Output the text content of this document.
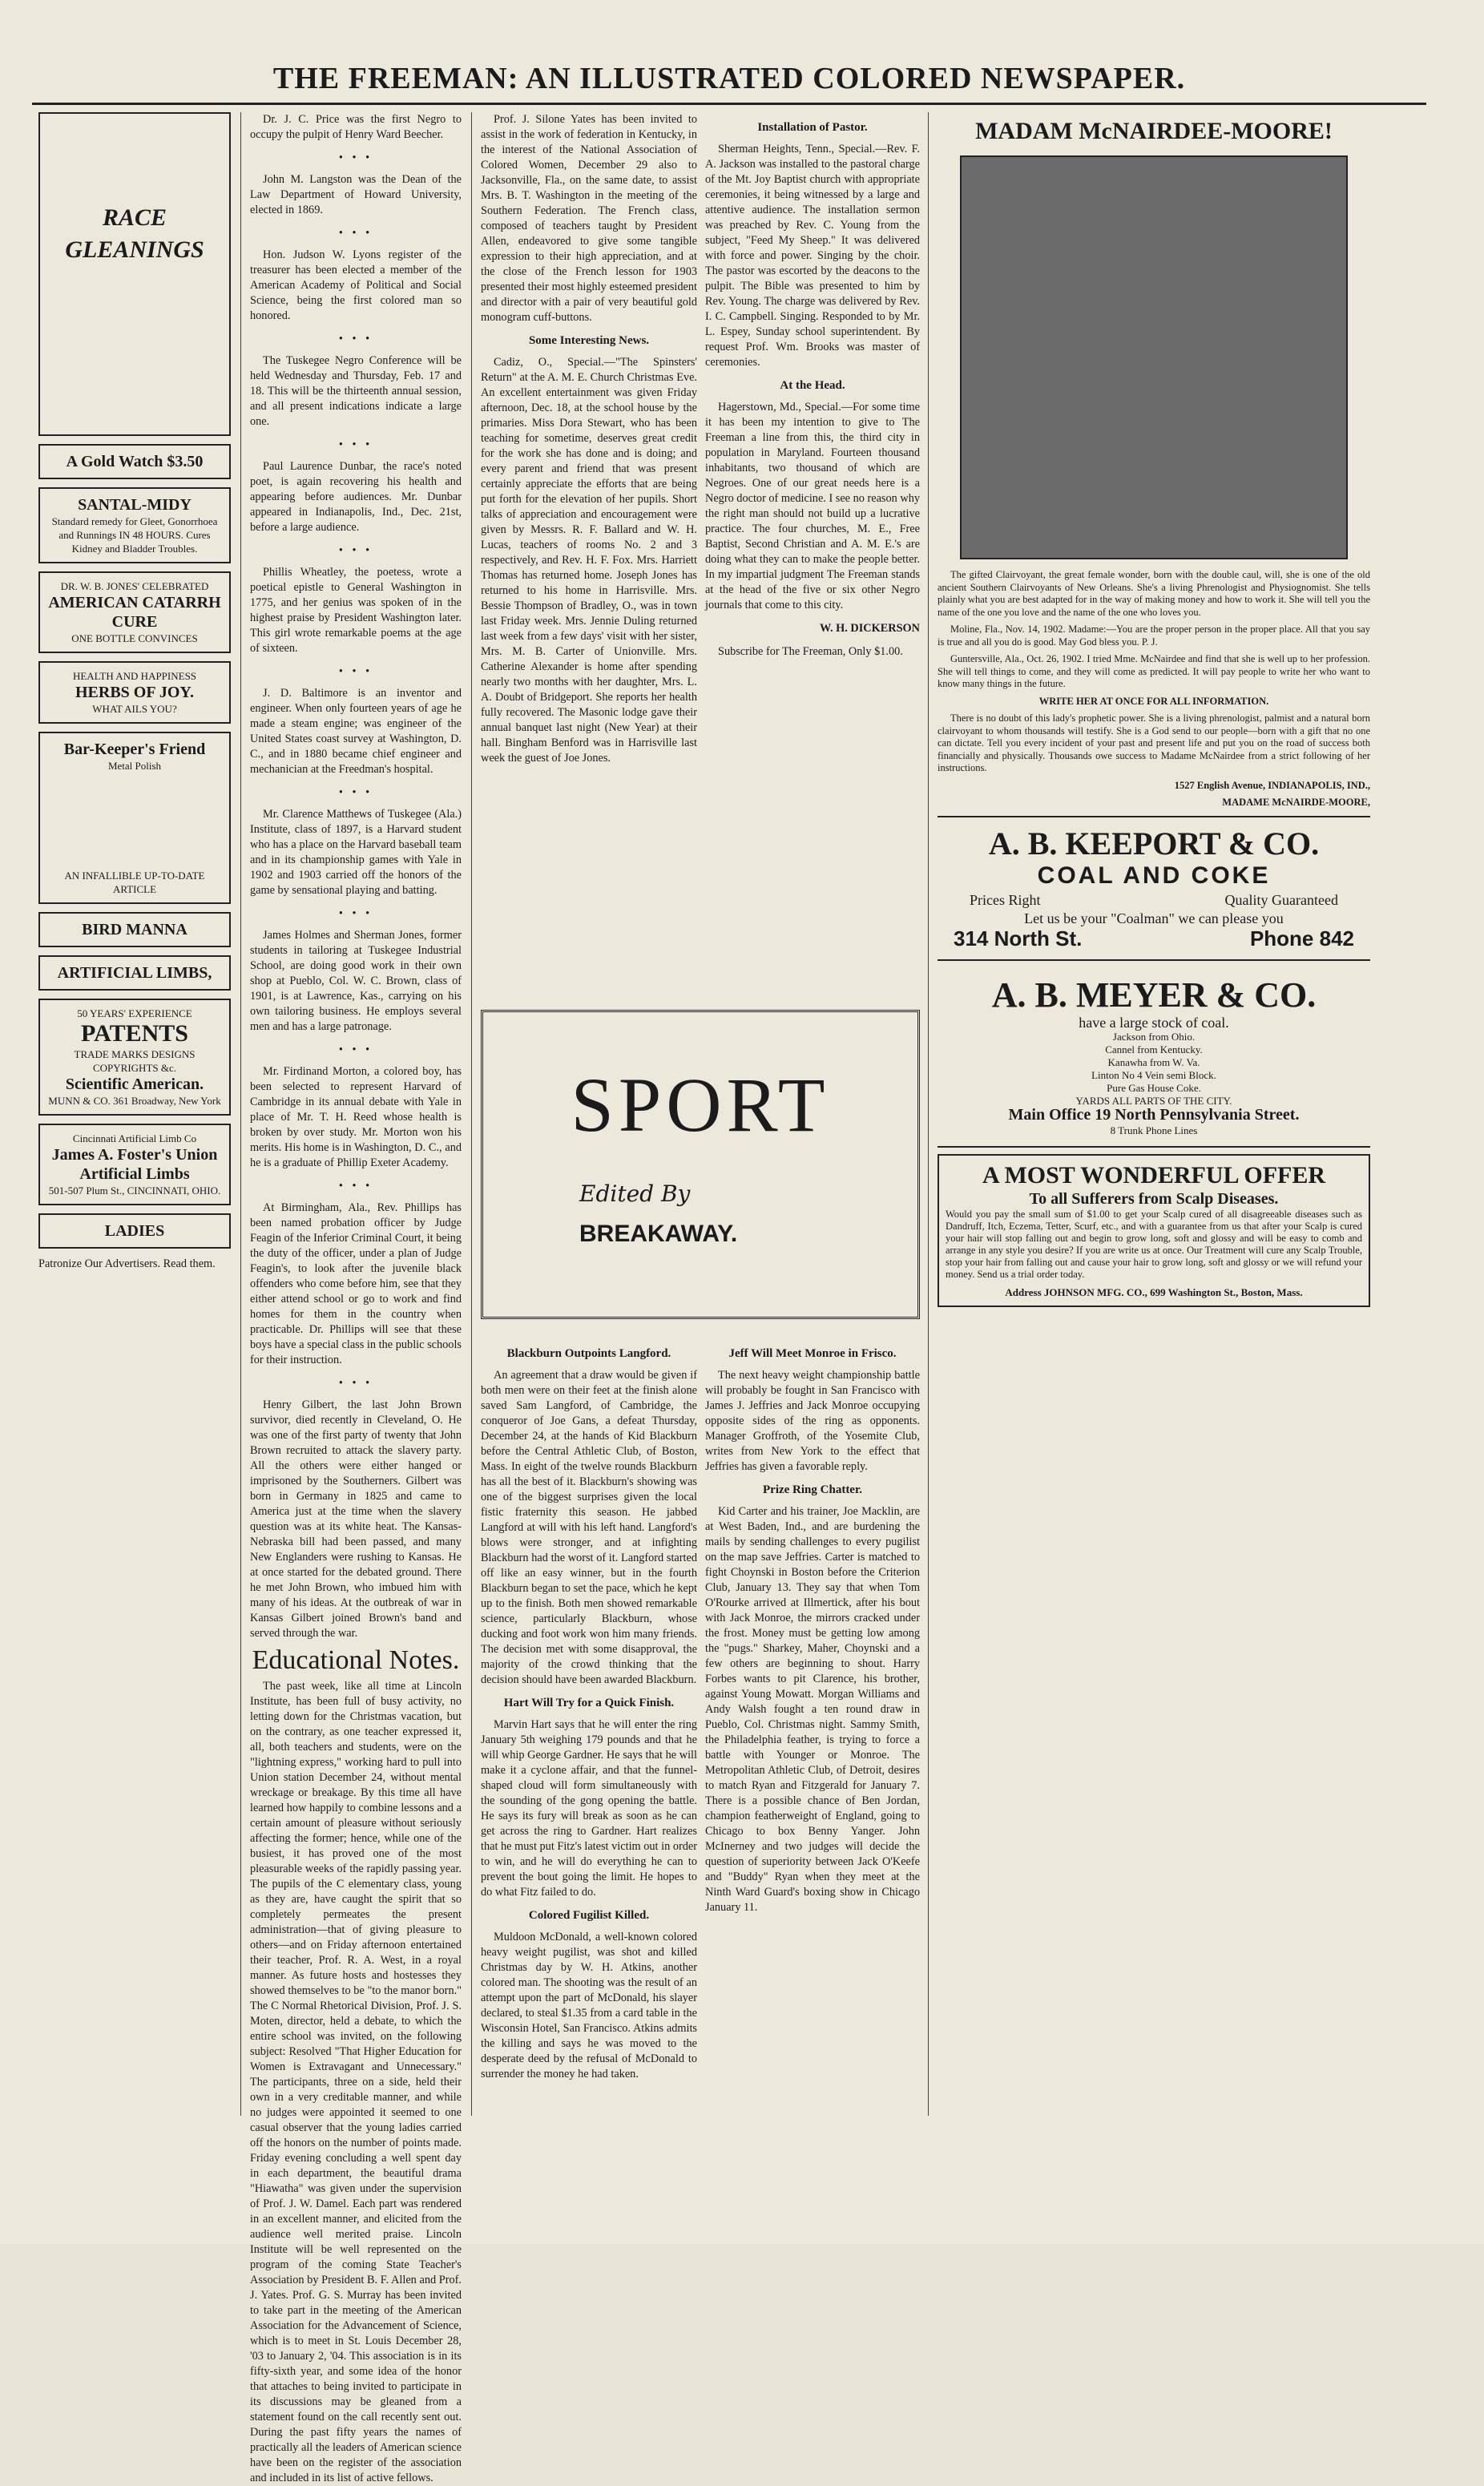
THE FREEMAN: AN ILLUSTRATED COLORED NEWSPAPER.
RACE GLEANINGS
A Gold Watch $3.50
SANTAL-MIDY
Standard remedy for Gleet, Gonorrhoea and Runnings IN 48 HOURS. Cures Kidney and Bladder Troubles.
DR. W. B. JONES' CELEBRATED
AMERICAN CATARRH CURE
ONE BOTTLE CONVINCES
HEALTH AND HAPPINESS
HERBS OF JOY.
WHAT AILS YOU?
Bar-Keeper's Friend
Metal Polish
AN INFALLIBLE UP-TO-DATE ARTICLE
BIRD MANNA
ARTIFICIAL LIMBS,
50 YEARS' EXPERIENCE
PATENTS
TRADE MARKS DESIGNS COPYRIGHTS &c.
Scientific American.
MUNN & CO. 361 Broadway, New York
Cincinnati Artificial Limb Co
James A. Foster's Union Artificial Limbs
501-507 Plum St., CINCINNATI, OHIO.
LADIES
Patronize Our Advertisers. Read them.

Dr. J. C. Price was the first Negro to occupy the pulpit of Henry Ward Beecher.

• • •

John M. Langston was the Dean of the Law Department of Howard University, elected in 1869.

• • •

Hon. Judson W. Lyons register of the treasurer has been elected a member of the American Academy of Political and Social Science, being the first colored man so honored.

• • •

The Tuskegee Negro Conference will be held Wednesday and Thursday, Feb. 17 and 18. This will be the thirteenth annual session, and all present indications indicate a large one.

• • •

Paul Laurence Dunbar, the race's noted poet, is again recovering his health and appearing before audiences. Mr. Dunbar appeared in Indianapolis, Ind., Dec. 21st, before a large audience.

• • •

Phillis Wheatley, the poetess, wrote a poetical epistle to General Washington in 1775, and her genius was spoken of in the highest praise by President Washington later. This girl wrote remarkable poems at the age of sixteen.

• • •

J. D. Baltimore is an inventor and engineer. When only fourteen years of age he made a steam engine; was engineer of the United States coast survey at Washington, D. C., and in 1880 became chief engineer and mechanician at the Freedman's hospital.

• • •

Mr. Clarence Matthews of Tuskegee (Ala.) Institute, class of 1897, is a Harvard student who has a place on the Harvard baseball team and in its championship games with Yale in 1902 and 1903 carried off the honors of the game by sensational playing and batting.

• • •

James Holmes and Sherman Jones, former students in tailoring at Tuskegee Industrial School, are doing good work in their own shop at Pueblo, Col. W. C. Brown, class of 1901, is at Lawrence, Kas., carrying on his own tailoring business. He employs several men and has a large patronage.

• • •

Mr. Firdinand Morton, a colored boy, has been selected to represent Harvard of Cambridge in its annual debate with Yale in place of Mr. T. H. Reed whose health is broken by over study. Mr. Morton won his merits. His home is in Washington, D. C., and he is a graduate of Phillip Exeter Academy.

• • •

At Birmingham, Ala., Rev. Phillips has been named probation officer by Judge Feagin of the Inferior Criminal Court, it being the duty of the officer, under a plan of Judge Feagin's, to look after the juvenile black offenders who come before him, see that they either attend school or go to work and find homes for them in the country when practicable. Dr. Phillips will see that these boys have a special class in the public schools for their instruction.

• • •

Henry Gilbert, the last John Brown survivor, died recently in Cleveland, O. He was one of the first party of twenty that John Brown recruited to attack the slavery party. All the others were either hanged or imprisoned by the Southerners. Gilbert was born in Germany in 1825 and came to America just at the time when the slavery question was at its white heat. The Kansas-Nebraska bill had been passed, and many New Englanders were rushing to Kansas. He at once started for the debated ground. There he met John Brown, who imbued him with many of his ideas. At the outbreak of war in Kansas Gilbert joined Brown's band and served through the war.

Educational Notes.

The past week, like all time at Lincoln Institute, has been full of busy activity, no letting down for the Christmas vacation, but on the contrary, as one teacher expressed it, all, both teachers and students, were on the "lightning express," working hard to pull into Union station December 24, without mental wreckage or breakage. By this time all have learned how happily to combine lessons and a certain amount of pleasure without seriously affecting the former; hence, while one of the busiest, it has proved one of the most pleasurable weeks of the rapidly passing year. The pupils of the C elementary class, young as they are, have caught the spirit that so completely permeates the present administration—that of giving pleasure to others—and on Friday afternoon entertained their teacher, Prof. R. A. West, in a royal manner. As future hosts and hostesses they showed themselves to be "to the manor born." The C Normal Rhetorical Division, Prof. J. S. Moten, director, held a debate, to which the entire school was invited, on the following subject: Resolved "That Higher Education for Women is Extravagant and Unnecessary." The participants, three on a side, held their own in a very creditable manner, and while no judges were appointed it seemed to one casual observer that the young ladies carried off the honors on the number of points made. Friday evening concluding a well spent day in each department, the beautiful drama "Hiawatha" was given under the supervision of Prof. J. W. Damel. Each part was rendered in an excellent manner, and elicited from the audience well merited praise. Lincoln Institute will be well represented on the program of the coming State Teacher's Association by President B. F. Allen and Prof. J. Yates. Prof. G. S. Murray has been invited to take part in the meeting of the American Association for the Advancement of Science, which is to meet in St. Louis December 28, '03 to January 2, '04. This association is in its fifty-sixth year, and some idea of the honor that attaches to being invited to participate in its discussions may be gleaned from a statement found on the call recently sent out. During the past fifty years the names of practically all the leaders of American science have been on the register of the association and included in its list of active fellows.

Prof. J. Silone Yates has been invited to assist in the work of federation in Kentucky, in the interest of the National Association of Colored Women, December 29 also to Jacksonville, Fla., on the same date, to assist Mrs. B. T. Washington in the meeting of the Southern Federation. The French class, composed of teachers taught by President Allen, endeavored to give some tangible expression to their high appreciation, and at the close of the French lesson for 1903 presented their most highly esteemed president and director with a pair of very beautiful gold monogram cuff-buttons.

Some Interesting News.

Cadiz, O., Special.—"The Spinsters' Return" at the A. M. E. Church Christmas Eve. An excellent entertainment was given Friday afternoon, Dec. 18, at the school house by the primaries. Miss Dora Stewart, who has been teaching for sometime, deserves great credit for the work she has done and is doing; and every parent and friend that was present certainly appreciate the efforts that are being put forth for the elevation of her pupils. Short talks of appreciation and encouragement were given by Messrs. R. F. Ballard and W. H. Lucas, teachers of rooms No. 2 and 3 respectively, and Rev. H. F. Fox. Mrs. Harriett Thomas has returned home. Joseph Jones has returned to his home in Harrisville. Mrs. Bessie Thompson of Bradley, O., was in town last Friday week. Mrs. Jennie Duling returned last week from a few days' visit with her sister, Mrs. M. B. Carter of Unionville. Mrs. Catherine Alexander is home after spending nearly two months with her daughter, Mrs. L. A. Doubt of Bridgeport. She reports her health fully recovered. The Masonic lodge gave their annual banquet last night (New Year) at their hall. Bingham Benford was in Harrisville last week the guest of Joe Jones.

Installation of Pastor.

Sherman Heights, Tenn., Special.—Rev. F. A. Jackson was installed to the pastoral charge of the Mt. Joy Baptist church with appropriate ceremonies, it being witnessed by a large and attentive audience. The installation sermon was preached by Rev. C. Young from the subject, "Feed My Sheep." It was delivered with force and power. Singing by the choir. The pastor was escorted by the deacons to the pulpit. The Bible was presented to him by Rev. Young. The charge was delivered by Rev. I. C. Campbell. Singing. Responded to by Mr. L. Espey, Sunday school superintendent. By request Prof. Wm. Brooks was master of ceremonies.

At the Head.

Hagerstown, Md., Special.—For some time it has been my intention to give to The Freeman a line from this, the third city in population in Maryland. Fourteen thousand inhabitants, two thousand of which are Negroes. One of our great needs here is a Negro doctor of medicine. I see no reason why the right man should not build up a lucrative practice. The four churches, M. E., Free Baptist, Second Christian and A. M. E.'s are doing what they can to make the people better. In my impartial judgment The Freeman stands at the head of the five or six other Negro journals that come to this city.

W. H. DICKERSON

Subscribe for The Freeman, Only $1.00.

SPORT
Edited By
BREAKAWAY.
Blackburn Outpoints Langford.

An agreement that a draw would be given if both men were on their feet at the finish alone saved Sam Langford, of Cambridge, the conqueror of Joe Gans, a defeat Thursday, December 24, at the hands of Kid Blackburn before the Central Athletic Club, of Boston, Mass. In eight of the twelve rounds Blackburn has all the best of it. Blackburn's showing was one of the biggest surprises given the local fistic fraternity this season. He jabbed Langford at will with his left hand. Langford's blows were stronger, and at infighting Blackburn had the worst of it. Langford started off like an easy winner, but in the fourth Blackburn began to set the pace, which he kept up to the finish. Both men showed remarkable science, particularly Blackburn, whose ducking and foot work won him many friends. The decision met with some disapproval, the majority of the crowd thinking that the decision should have been awarded Blackburn.

Hart Will Try for a Quick Finish.

Marvin Hart says that he will enter the ring January 5th weighing 179 pounds and that he will whip George Gardner. He says that he will make it a cyclone affair, and that the funnel-shaped cloud will form simultaneously with the sounding of the gong opening the battle. He says its fury will break as soon as he can get across the ring to Gardner. Hart realizes that he must put Fitz's latest victim out in order to win, and he will do everything he can to prevent the bout going the limit. He hopes to do what Fitz failed to do.

Colored Fugilist Killed.

Muldoon McDonald, a well-known colored heavy weight pugilist, was shot and killed Christmas day by W. H. Atkins, another colored man. The shooting was the result of an attempt upon the part of McDonald, his slayer declared, to steal $1.35 from a card table in the Wisconsin Hotel, San Francisco. Atkins admits the killing and says he was moved to the desperate deed by the refusal of McDonald to surrender the money he had taken.

Jeff Will Meet Monroe in Frisco.

The next heavy weight championship battle will probably be fought in San Francisco with James J. Jeffries and Jack Monroe occupying opposite sides of the ring as opponents. Manager Groffroth, of the Yosemite Club, writes from New York to the effect that Jeffries has given a favorable reply.

Prize Ring Chatter.

Kid Carter and his trainer, Joe Macklin, are at West Baden, Ind., and are burdening the mails by sending challenges to every pugilist on the map save Jeffries. Carter is matched to fight Choynski in Boston before the Criterion Club, January 13. They say that when Tom O'Rourke arrived at Illmertick, after his bout with Jack Monroe, the mirrors cracked under the frost. Money must be getting low among the "pugs." Sharkey, Maher, Choynski and a few others are beginning to shout. Harry Forbes wants to pit Clarence, his brother, against Young Mowatt. Morgan Williams and Andy Walsh fought a ten round draw in Pueblo, Col. Christmas night. Sammy Smith, the Philadelphia feather, is trying to force a battle with Younger or Monroe. The Metropolitan Athletic Club, of Detroit, desires to match Ryan and Fitzgerald for January 7. There is a possible chance of Ben Jordan, champion featherweight of England, going to Chicago to box Benny Yanger. John McInerney and two judges will decide the question of superiority between Jack O'Keefe and "Buddy" Ryan when they meet at the Ninth Ward Guard's boxing show in Chicago January 11.

MADAM McNAIRDEE-MOORE!

The gifted Clairvoyant, the great female wonder, born with the double caul, will, she is one of the old ancient Southern Clairvoyants of New Orleans. She's a living Phrenologist and Physiognomist. She tells plainly what you are best adapted for in the way of making money and how to work it. She will tell you the name of the one you love and the name of the one who loves you.

Moline, Fla., Nov. 14, 1902. Madame:—You are the proper person in the proper place. All that you say is true and all you do is good. May God bless you. P. J.

Guntersville, Ala., Oct. 26, 1902. I tried Mme. McNairdee and find that she is well up to her profession. She will tell things to come, and they will come as predicted. It will pay people to write her who want to know many things in the future.

WRITE HER AT ONCE FOR ALL INFORMATION.

There is no doubt of this lady's prophetic power. She is a living phrenologist, palmist and a natural born clairvoyant to whom thousands will testify. She is a God send to our people—born with a gift that no one can dictate. Tell you every incident of your past and present life and put you on the road of success both financially and physically. Thousands owe success to Madame McNairdee from a strict following of her instructions.

1527 English Avenue, INDIANAPOLIS, IND.,

MADAME McNAIRDE-MOORE,

A. B. KEEPORT & CO.
COAL AND COKE
Prices Right	Quality Guaranteed
Let us be your "Coalman" we can please you
314 North St.	Phone 842
A. B. MEYER & CO.
have a large stock of coal.
Jackson from Ohio.
Cannel from Kentucky.
Kanawha from W. Va.
Linton No 4 Vein semi Block.
Pure Gas House Coke.
YARDS ALL PARTS OF THE CITY.
Main Office 19 North Pennsylvania Street.
8 Trunk Phone Lines
A MOST WONDERFUL OFFER
To all Sufferers from Scalp Diseases.
Would you pay the small sum of $1.00 to get your Scalp cured of all disagreeable diseases such as Dandruff, Itch, Eczema, Tetter, Scurf, etc., and with a guarantee from us that after your Scalp is cured your hair will stop falling out and begin to grow long, soft and glossy and will be easy to comb and arrange in any style you desire? If you are write us at once. Our Treatment will cure any Scalp Trouble, stop your hair from falling out and cause your hair to grow long, soft and glossy or we will refund your money. Send us a trial order today.
Address JOHNSON MFG. CO., 699 Washington St., Boston, Mass.
